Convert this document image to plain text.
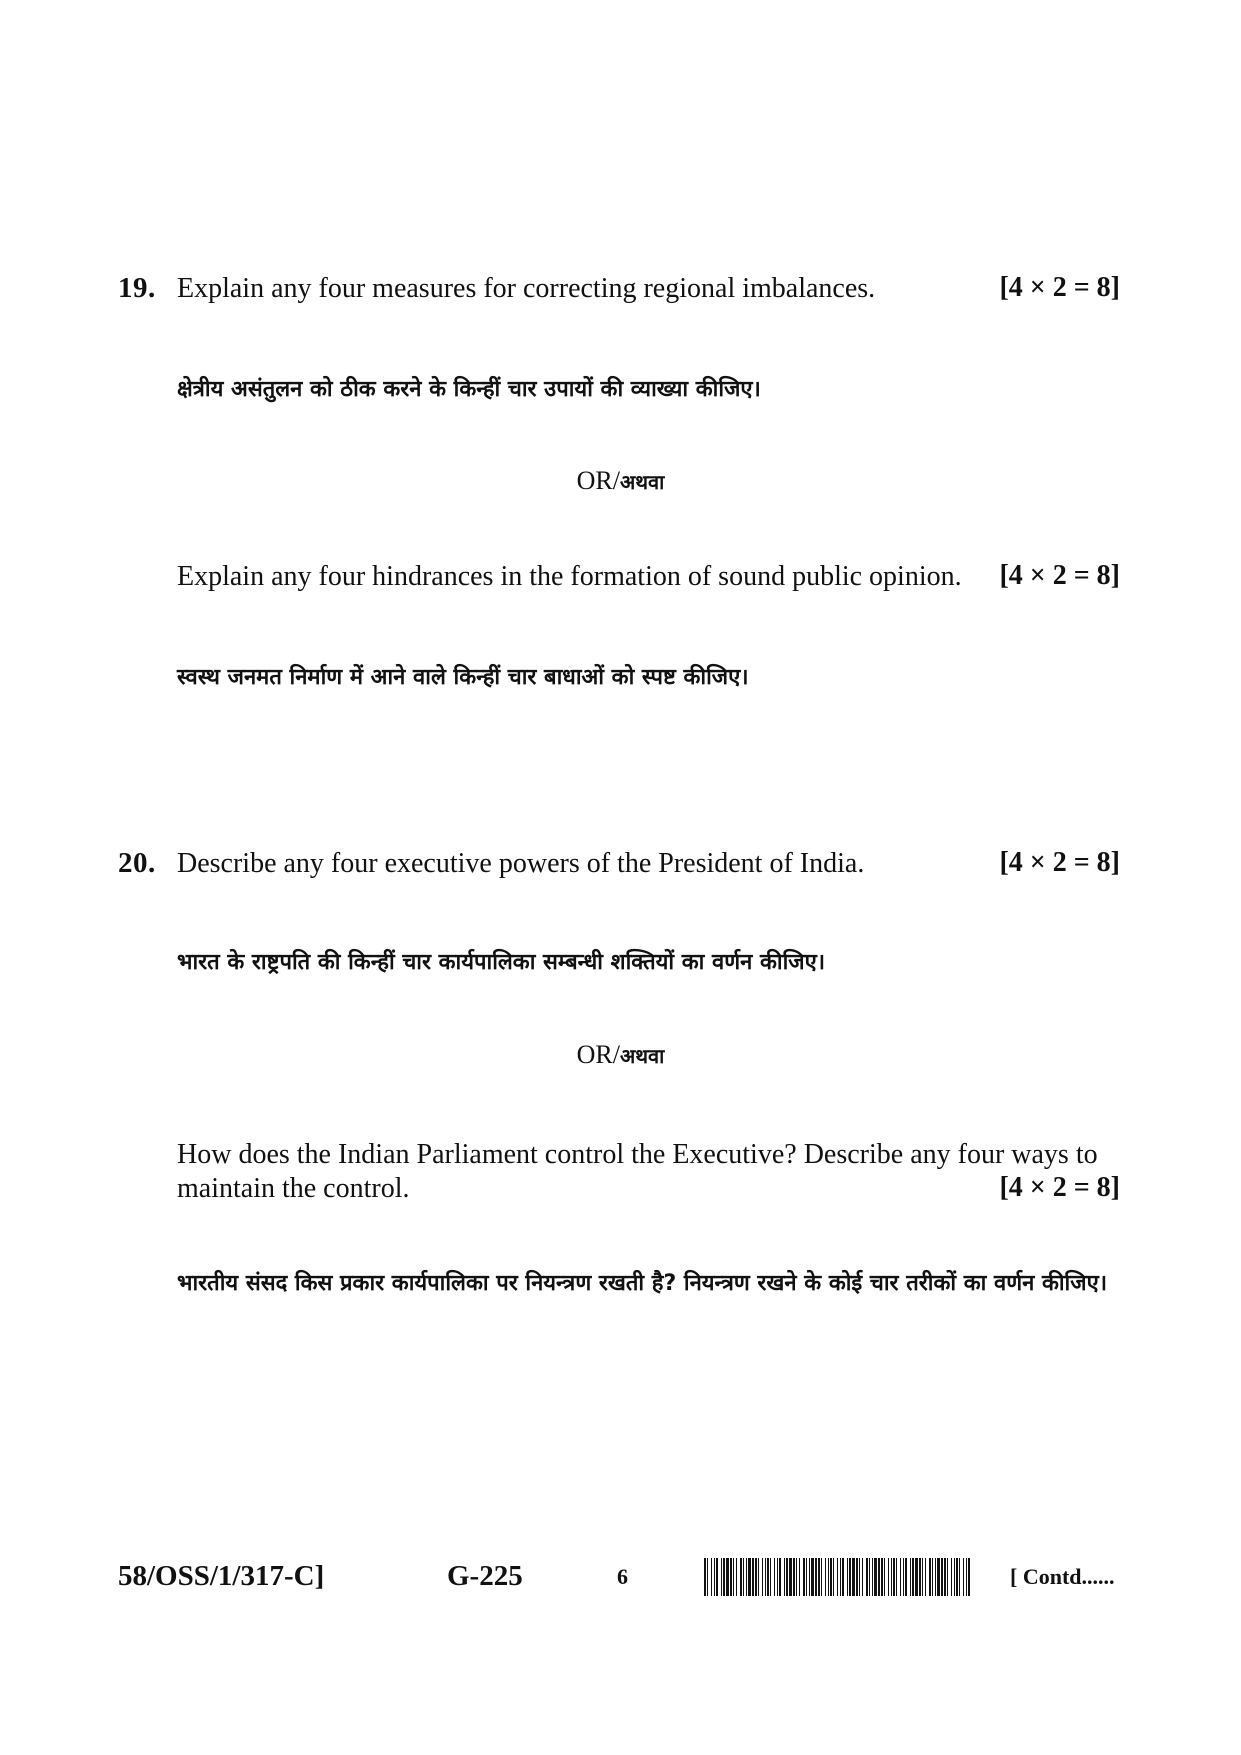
19. Explain any four measures for correcting regional imbalances.	[4 × 2 = 8]
क्षेत्रीय असंतुलन को ठीक करने के किन्हीं चार उपायों की व्याख्या कीजिए।
OR/अथवा
Explain any four hindrances in the formation of sound public opinion.	[4 × 2 = 8]
स्वस्थ जनमत निर्माण में आने वाले किन्हीं चार बाधाओं को स्पष्ट कीजिए।
20. Describe any four executive powers of the President of India.	[4 × 2 = 8]
भारत के राष्ट्रपति की किन्हीं चार कार्यपालिका सम्बन्धी शक्तियों का वर्णन कीजिए।
OR/अथवा
How does the Indian Parliament control the Executive? Describe any four ways to
maintain the control.	[4 × 2 = 8]
भारतीय संसद किस प्रकार कार्यपालिका पर नियन्त्रण रखती है? नियन्त्रण रखने के कोई चार तरीकों का वर्णन कीजिए।
58/OSS/1/317-C]	G-225	6	[ Contd......
